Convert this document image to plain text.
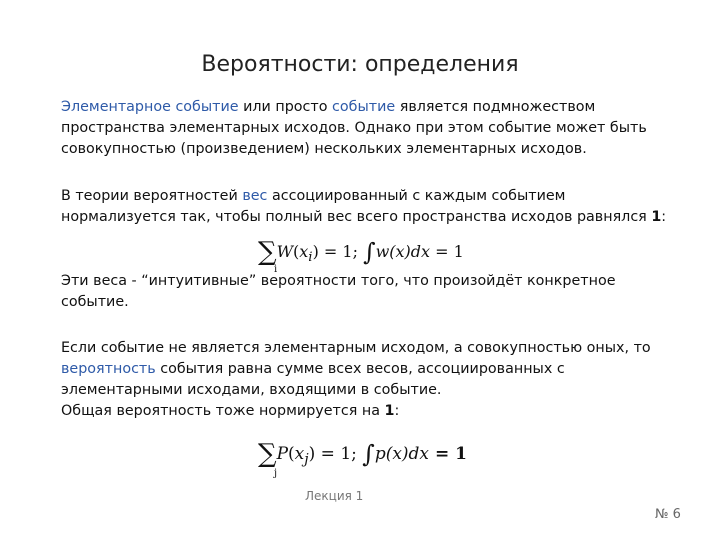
Вероятности: определения

Элементарное событие или просто событие является подмножеством пространства элементарных исходов. Однако при этом событие может быть совокупностью (произведением) нескольких элементарных исходов.

В теории вероятностей вес ассоциированный с каждым событием нормализуется так, чтобы полный вес всего пространства исходов равнялся 1:

∑
i
$W(x_i) = 1$; ∫w(x)dx = 1

Эти веса - “интуитивные” вероятности того, что произойдёт конкретное событие.

Если событие не является элементарным исходом, а совокупностью оных, то вероятность события равна сумме всех весов, ассоциированных с элементарными исходами, входящими в событие.

Общая вероятность тоже нормируется на 1:

∑
j
$P(x_j) = 1$; ∫p(x)dx = 1
Лекция 1
№ 6
